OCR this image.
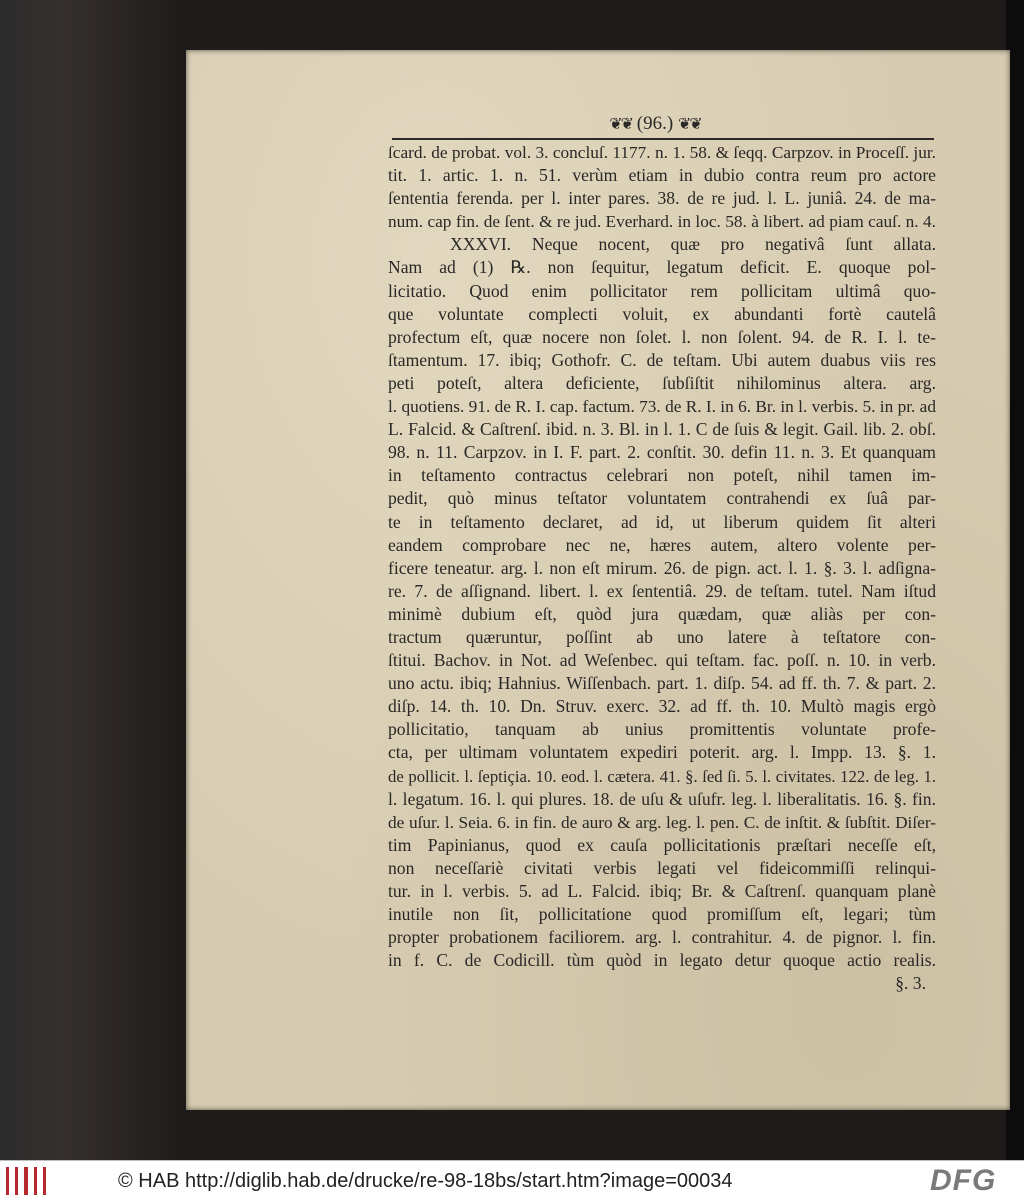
❦❦ (96.) ❦❦
ſcard. de probat. vol. 3. concluſ. 1177. n. 1. 58. & ſeqq. Carpzov. in Proceſſ. jur.
tit. 1. artic. 1. n. 51. verùm etiam in dubio contra reum pro actore
ſententia ferenda. per l. inter pares. 38. de re jud. l. L. juniâ. 24. de ma-
num. cap fin. de ſent. & re jud. Everhard. in loc. 58. à libert. ad piam cauſ. n. 4.
XXXVI. Neque nocent, quæ pro negativâ ſunt allata.
Nam ad (1) ℞. non ſequitur, legatum deficit. E. quoque pol-
licitatio. Quod enim pollicitator rem pollicitam ultimâ quo-
que voluntate complecti voluit, ex abundanti fortè cautelâ
profectum eſt, quæ nocere non ſolet. l. non ſolent. 94. de R. I. l. te-
ſtamentum. 17. ibiq; Gothofr. C. de teſtam. Ubi autem duabus viis res
peti poteſt, altera deficiente, ſubſiſtit nihilominus altera. arg.
l. quotiens. 91. de R. I. cap. factum. 73. de R. I. in 6. Br. in l. verbis. 5. in pr. ad
L. Falcid. & Caſtrenſ. ibid. n. 3. Bl. in l. 1. C de ſuis & legit. Gail. lib. 2. obſ.
98. n. 11. Carpzov. in I. F. part. 2. conſtit. 30. defin 11. n. 3. Et quanquam
in teſtamento contractus celebrari non poteſt, nihil tamen im-
pedit, quò minus teſtator voluntatem contrahendi ex ſuâ par-
te in teſtamento declaret, ad id, ut liberum quidem ſit alteri
eandem comprobare nec ne, hæres autem, altero volente per-
ficere teneatur. arg. l. non eſt mirum. 26. de pign. act. l. 1. §. 3. l. adſigna-
re. 7. de aſſignand. libert. l. ex ſententiâ. 29. de teſtam. tutel. Nam iſtud
minimè dubium eſt, quòd jura quædam, quæ aliàs per con-
tractum quæruntur, poſſint ab uno latere à teſtatore con-
ſtitui. Bachov. in Not. ad Weſenbec. qui teſtam. fac. poſſ. n. 10. in verb.
uno actu. ibiq; Hahnius. Wiſſenbach. part. 1. diſp. 54. ad ff. th. 7. & part. 2.
diſp. 14. th. 10. Dn. Struv. exerc. 32. ad ff. th. 10. Multò magis ergò
pollicitatio, tanquam ab unius promittentis voluntate profe-
cta, per ultimam voluntatem expediri poterit. arg. l. Impp. 13. §. 1.
de pollicit. l. ſeptiçia. 10. eod. l. cætera. 41. §. ſed ſi. 5. l. civitates. 122. de leg. 1.
l. legatum. 16. l. qui plures. 18. de uſu & uſufr. leg. l. liberalitatis. 16. §. fin.
de uſur. l. Seia. 6. in fin. de auro & arg. leg. l. pen. C. de inſtit. & ſubſtit. Diſer-
tim Papinianus, quod ex cauſa pollicitationis præſtari neceſſe eſt,
non neceſſariè civitati verbis legati vel fideicommiſſi relinqui-
tur. in l. verbis. 5. ad L. Falcid. ibiq; Br. & Caſtrenſ. quanquam planè
inutile non ſit, pollicitatione quod promiſſum eſt, legari; tùm
propter probationem faciliorem. arg. l. contrahitur. 4. de pignor. l. fin.
in f. C. de Codicill. tùm quòd in legato detur quoque actio realis.
§. 3.
© HAB http://diglib.hab.de/drucke/re-98-18bs/start.htm?image=00034	DFG
